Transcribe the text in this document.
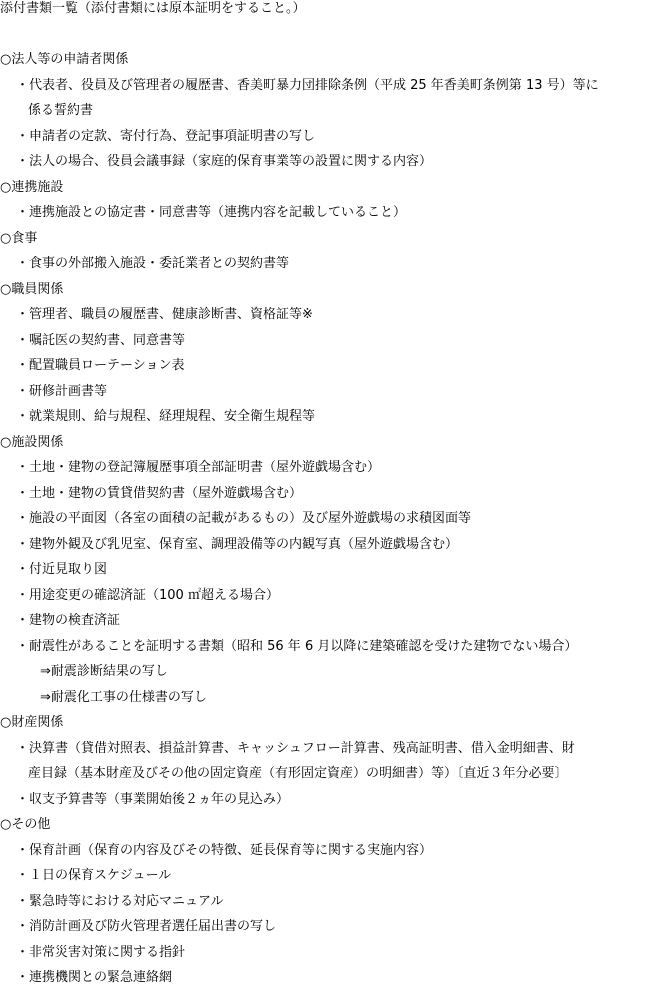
添付書類一覧（添付書類には原本証明をすること。）
○法人等の申請者関係
・代表者、役員及び管理者の履歴書、香美町暴力団排除条例（平成 25 年香美町条例第 13 号）等に
係る誓約書
・申請者の定款、寄付行為、登記事項証明書の写し
・法人の場合、役員会議事録（家庭的保育事業等の設置に関する内容）
○連携施設
・連携施設との協定書・同意書等（連携内容を記載していること）
○食事
・食事の外部搬入施設・委託業者との契約書等
○職員関係
・管理者、職員の履歴書、健康診断書、資格証等※
・嘱託医の契約書、同意書等
・配置職員ローテーション表
・研修計画書等
・就業規則、給与規程、経理規程、安全衛生規程等
○施設関係
・土地・建物の登記簿履歴事項全部証明書（屋外遊戯場含む）
・土地・建物の賃貸借契約書（屋外遊戯場含む）
・施設の平面図（各室の面積の記載があるもの）及び屋外遊戯場の求積図面等
・建物外観及び乳児室、保育室、調理設備等の内観写真（屋外遊戯場含む）
・付近見取り図
・用途変更の確認済証（100 ㎡超える場合）
・建物の検査済証
・耐震性があることを証明する書類（昭和 56 年 6 月以降に建築確認を受けた建物でない場合）
⇒耐震診断結果の写し
⇒耐震化工事の仕様書の写し
○財産関係
・決算書（貸借対照表、損益計算書、キャッシュフロー計算書、残高証明書、借入金明細書、財
産目録（基本財産及びその他の固定資産（有形固定資産）の明細書）等）〔直近３年分必要〕
・収支予算書等（事業開始後２ヵ年の見込み）
○その他
・保育計画（保育の内容及びその特徴、延長保育等に関する実施内容）
・１日の保育スケジュール
・緊急時等における対応マニュアル
・消防計画及び防火管理者選任届出書の写し
・非常災害対策に関する指針
・連携機関との緊急連絡網
